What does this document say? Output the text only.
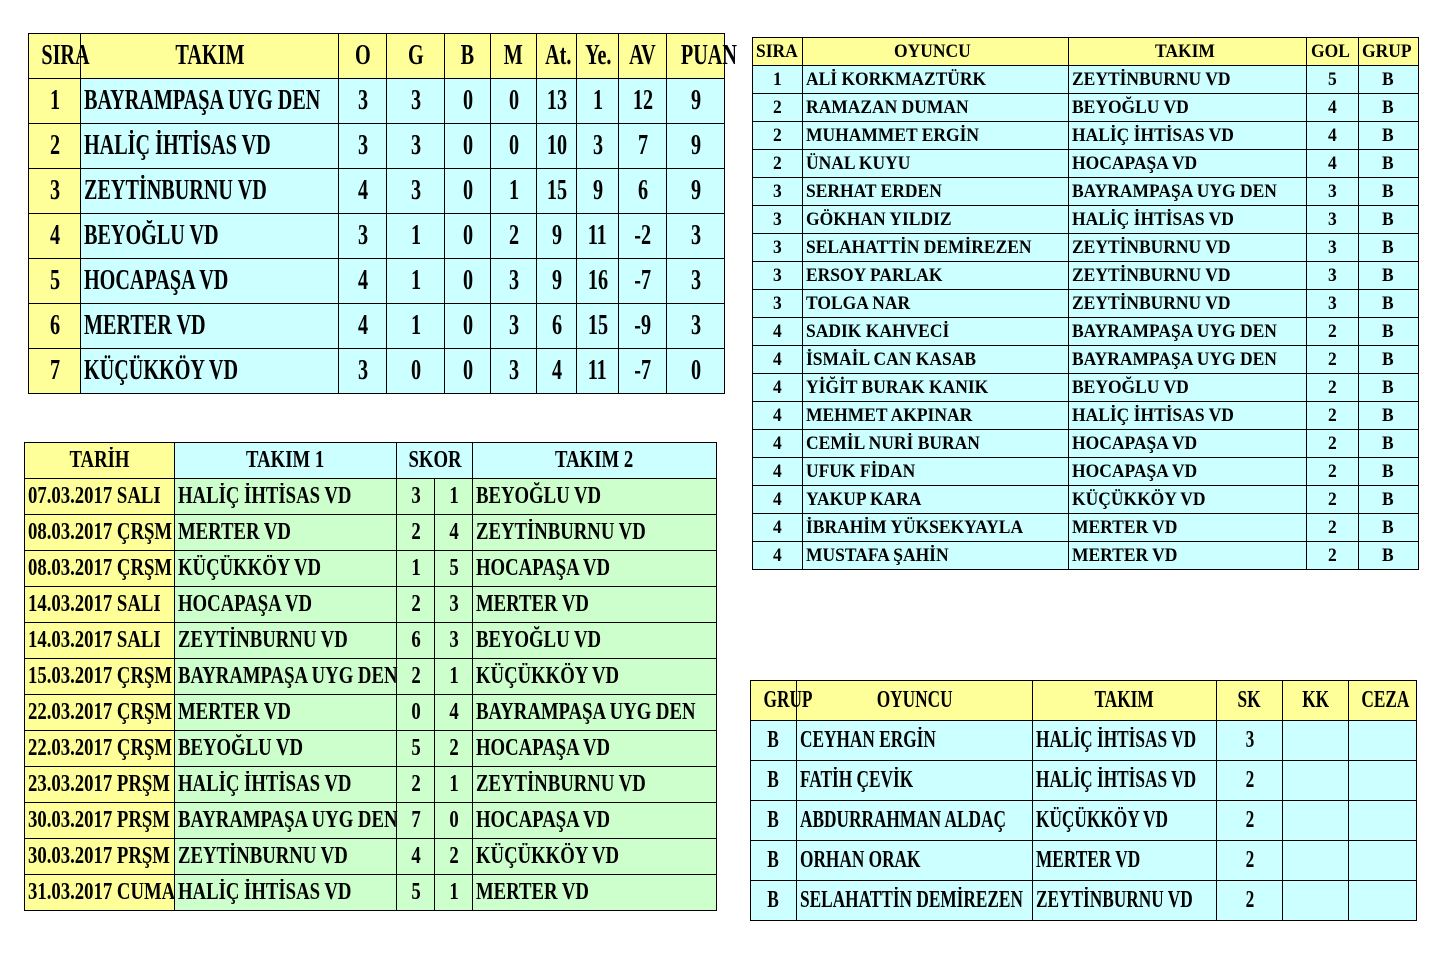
SIRA	TAKIM	O	G	B	M	At.	Ye.	AV	PUAN
1	BAYRAMPAŞA UYG DEN	3	3	0	0	13	1	12	9
2	HALİÇ İHTİSAS VD	3	3	0	0	10	3	7	9
3	ZEYTİNBURNU VD	4	3	0	1	15	9	6	9
4	BEYOĞLU VD	3	1	0	2	9	11	-2	3
5	HOCAPAŞA VD	4	1	0	3	9	16	-7	3
6	MERTER VD	4	1	0	3	6	15	-9	3
7	KÜÇÜKKÖY VD	3	0	0	3	4	11	-7	0
TARİH	TAKIM 1	SKOR		TAKIM 2
07.03.2017 SALI	HALİÇ İHTİSAS VD	3	1	BEYOĞLU VD
08.03.2017 ÇRŞM	MERTER VD	2	4	ZEYTİNBURNU VD
08.03.2017 ÇRŞM	KÜÇÜKKÖY VD	1	5	HOCAPAŞA VD
14.03.2017 SALI	HOCAPAŞA VD	2	3	MERTER VD
14.03.2017 SALI	ZEYTİNBURNU VD	6	3	BEYOĞLU VD
15.03.2017 ÇRŞM	BAYRAMPAŞA UYG DEN	2	1	KÜÇÜKKÖY VD
22.03.2017 ÇRŞM	MERTER VD	0	4	BAYRAMPAŞA UYG DEN
22.03.2017 ÇRŞM	BEYOĞLU VD	5	2	HOCAPAŞA VD
23.03.2017 PRŞM	HALİÇ İHTİSAS VD	2	1	ZEYTİNBURNU VD
30.03.2017 PRŞM	BAYRAMPAŞA UYG DEN	7	0	HOCAPAŞA VD
30.03.2017 PRŞM	ZEYTİNBURNU VD	4	2	KÜÇÜKKÖY VD
31.03.2017 CUMA	HALİÇ İHTİSAS VD	5	1	MERTER VD
SIRA	OYUNCU	TAKIM	GOL	GRUP
1	ALİ KORKMAZTÜRK	ZEYTİNBURNU VD	5	B
2	RAMAZAN DUMAN	BEYOĞLU VD	4	B
2	MUHAMMET ERGİN	HALİÇ İHTİSAS VD	4	B
2	ÜNAL KUYU	HOCAPAŞA VD	4	B
3	SERHAT ERDEN	BAYRAMPAŞA UYG DEN	3	B
3	GÖKHAN YILDIZ	HALİÇ İHTİSAS VD	3	B
3	SELAHATTİN DEMİREZEN	ZEYTİNBURNU VD	3	B
3	ERSOY PARLAK	ZEYTİNBURNU VD	3	B
3	TOLGA NAR	ZEYTİNBURNU VD	3	B
4	SADIK KAHVECİ	BAYRAMPAŞA UYG DEN	2	B
4	İSMAİL CAN KASAB	BAYRAMPAŞA UYG DEN	2	B
4	YİĞİT BURAK KANIK	BEYOĞLU VD	2	B
4	MEHMET AKPINAR	HALİÇ İHTİSAS VD	2	B
4	CEMİL NURİ BURAN	HOCAPAŞA VD	2	B
4	UFUK FİDAN	HOCAPAŞA VD	2	B
4	YAKUP KARA	KÜÇÜKKÖY VD	2	B
4	İBRAHİM YÜKSEKYAYLA	MERTER VD	2	B
4	MUSTAFA ŞAHİN	MERTER VD	2	B
GRUP	OYUNCU	TAKIM	SK	KK	CEZA
B	CEYHAN ERGİN	HALİÇ İHTİSAS VD	3		
B	FATİH ÇEVİK	HALİÇ İHTİSAS VD	2		
B	ABDURRAHMAN ALDAÇ	KÜÇÜKKÖY VD	2		
B	ORHAN ORAK	MERTER VD	2		
B	SELAHATTİN DEMİREZEN	ZEYTİNBURNU VD	2		
